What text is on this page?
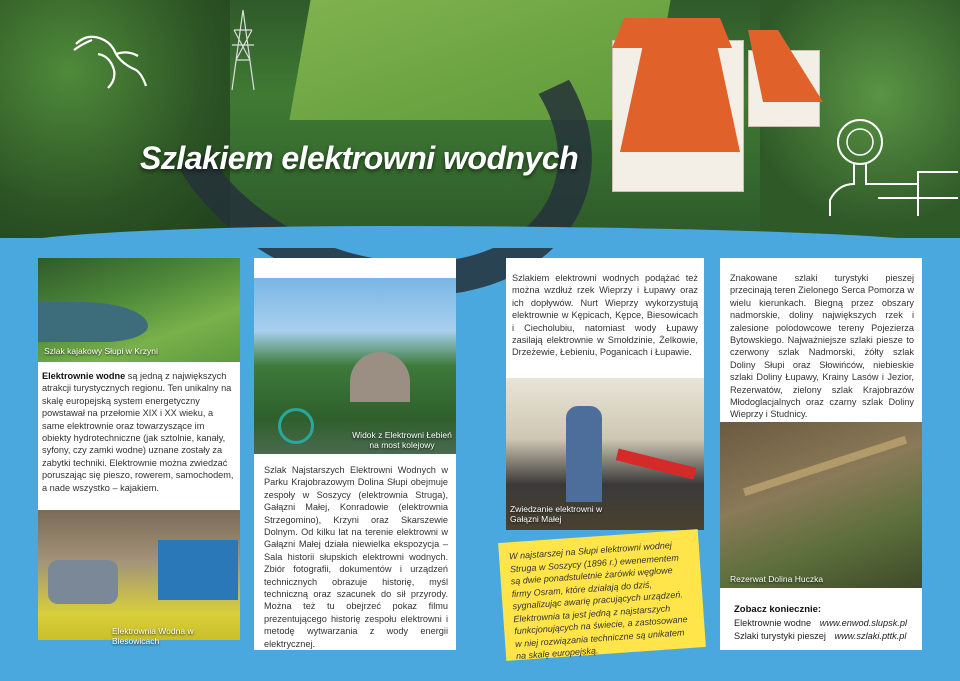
Szlakiem elektrowni wodnych
Szlak kajakowy Słupi w Krzyni
Elektrownie wodne są jedną z największych atrakcji turystycznych regionu. Ten unikalny na skalę europejską system energetyczny powstawał na przełomie XIX i XX wieku, a same elektrownie oraz towarzyszące im obiekty hydrotechniczne (jak sztolnie, kanały, syfony, czy zamki wodne) uznane zostały za zabytki techniki. Elektrownie można zwiedzać poruszając się pieszo, rowerem, samochodem, a nade wszystko – kajakiem.
Elektrownia Wodna w Biesowicach
Widok z Elektrowni Łebień na most kolejowy
Szlak Najstarszych Elektrowni Wodnych w Parku Krajobrazowym Dolina Słupi obejmuje zespoły w Soszycy (elektrownia Struga), Gałązni Małej, Konradowie (elektrownia Strzegomino), Krzyni oraz Skarszewie Dolnym. Od kilku lat na terenie elektrowni w Gałązni Małej działa niewielka ekspozycja – Sala historii słupskich elektrowni wodnych. Zbiór fotografii, dokumentów i urządzeń technicznych obrazuje historię, myśl techniczną oraz szacunek do sił przyrody. Można też tu obejrzeć pokaz filmu prezentującego historię zespołu elektrowni i metodę wytwarzania z wody energii elektrycznej.
Szlakiem elektrowni wodnych podążać też można wzdłuż rzek Wieprzy i Łupawy oraz ich dopływów. Nurt Wieprzy wykorzystują elektrownie w Kępicach, Kępce, Biesowicach i Ciecholubiu, natomiast wody Łupawy zasilają elektrownie w Smołdzinie, Żelkowie, Drzeżewie, Łebieniu, Poganicach i Łupawie.
Zwiedzanie elektrowni w Gałązni Małej
W najstarszej na Słupi elektrowni wodnej Struga w Soszycy (1896 r.) ewenementem są dwie ponadstuletnie żarówki węglowe firmy Osram, które działają do dziś, sygnalizując awarię pracujących urządzeń. Elektrownia ta jest jedną z najstarszych funkcjonujących na świecie, a zastosowane w niej rozwiązania techniczne są unikatem na skalę europejską.
Znakowane szlaki turystyki pieszej przecinają teren Zielonego Serca Pomorza w wielu kierunkach. Biegną przez obszary nadmorskie, doliny największych rzek i zalesione polodowcowe tereny Pojezierza Bytowskiego. Najważniejsze szlaki piesze to czerwony szlak Nadmorski, żółty szlak Doliny Słupi oraz Słowińców, niebieskie szlaki Doliny Łupawy, Krainy Lasów i Jezior, Rezerwatów, zielony szlak Krajobrazów Młodoglacjalnych oraz czarny szlak Doliny Wieprzy i Studnicy.
Rezerwat Dolina Huczka
Zobacz koniecznie:
Elektrownie wodne www.enwod.slupsk.pl
Szlaki turystyki pieszej www.szlaki.pttk.pl
